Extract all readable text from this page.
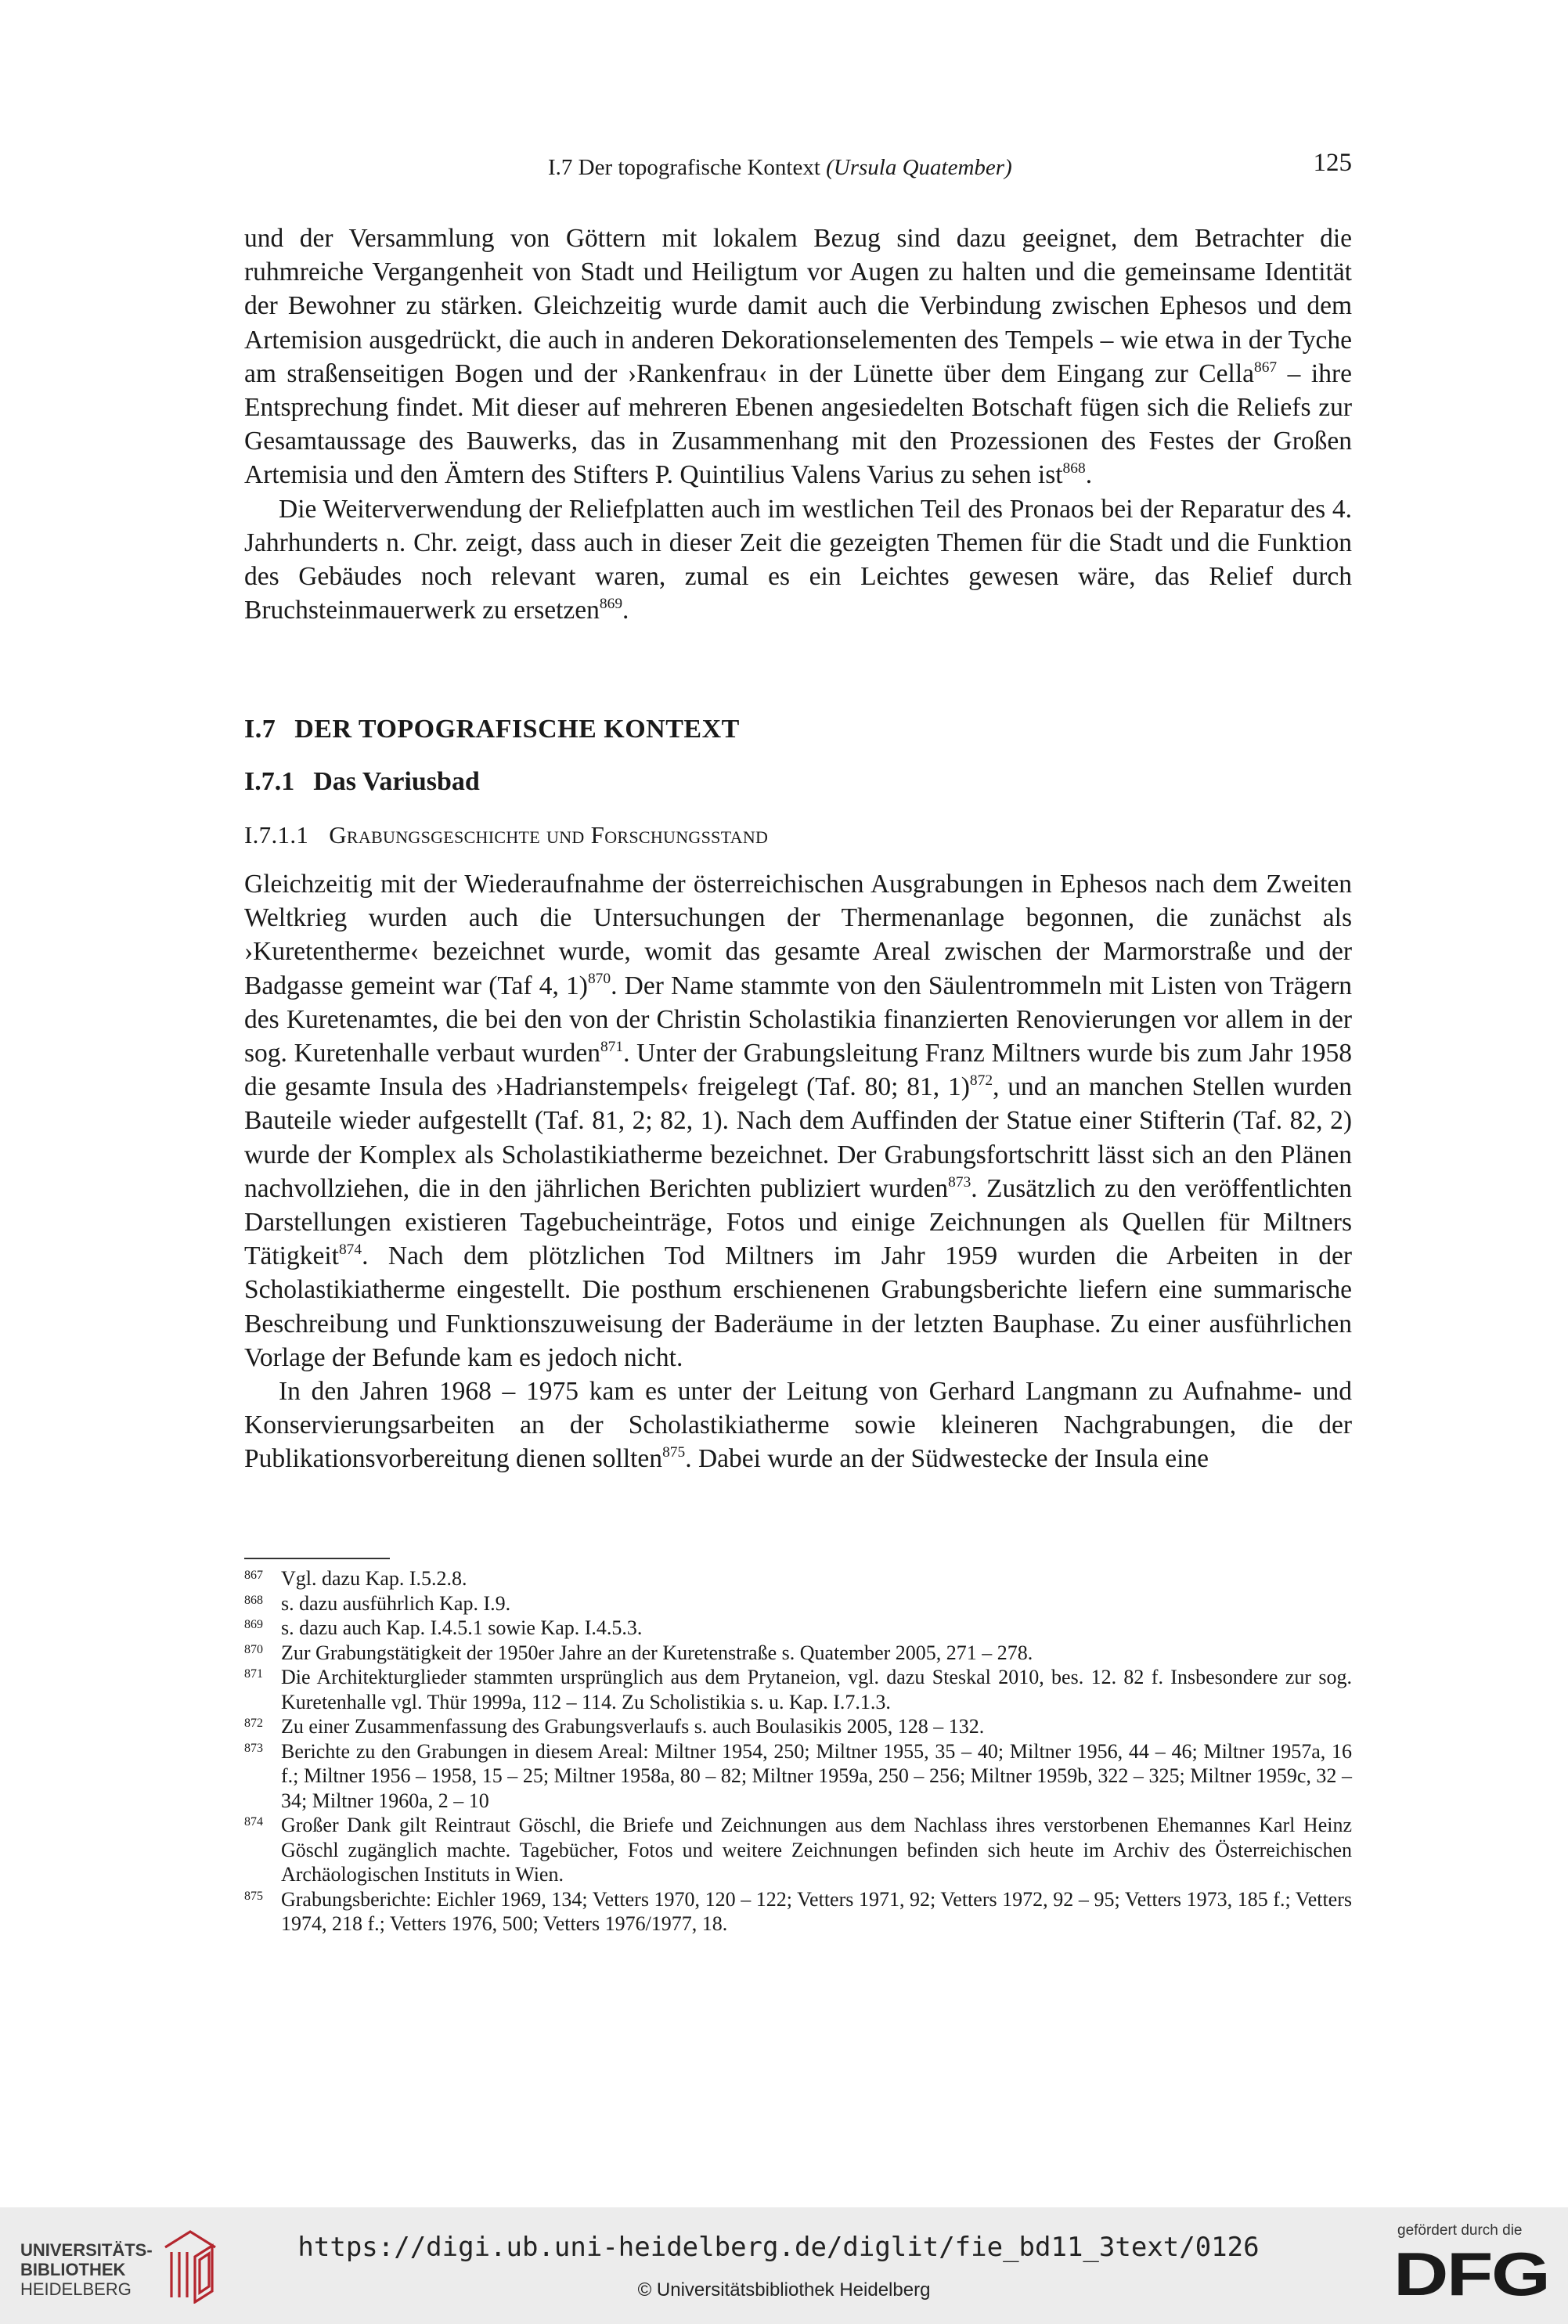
I.7 Der topografische Kontext (Ursula Quatember)	125

und der Versammlung von Göttern mit lokalem Bezug sind dazu geeignet, dem Betrachter die ruhmreiche Vergangenheit von Stadt und Heiligtum vor Augen zu halten und die gemeinsame Identität der Bewohner zu stärken. Gleichzeitig wurde damit auch die Verbindung zwischen Ephesos und dem Artemision ausgedrückt, die auch in anderen Dekorationselementen des Tempels – wie etwa in der Tyche am straßenseitigen Bogen und der ›Rankenfrau‹ in der Lünette über dem Eingang zur Cella$^{867}$ – ihre Entsprechung findet. Mit dieser auf mehreren Ebenen angesiedelten Botschaft fügen sich die Reliefs zur Gesamtaussage des Bauwerks, das in Zusammenhang mit den Prozessionen des Festes der Großen Artemisia und den Ämtern des Stifters P. Quintilius Valens Varius zu sehen ist$^{868}$.

Die Weiterverwendung der Reliefplatten auch im westlichen Teil des Pronaos bei der Reparatur des 4. Jahrhunderts n. Chr. zeigt, dass auch in dieser Zeit die gezeigten Themen für die Stadt und die Funktion des Gebäudes noch relevant waren, zumal es ein Leichtes gewesen wäre, das Relief durch Bruchsteinmauerwerk zu ersetzen$^{869}$.

I.7 DER TOPOGRAFISCHE KONTEXT
I.7.1 Das Variusbad
I.7.1.1 Grabungsgeschichte und Forschungsstand

Gleichzeitig mit der Wiederaufnahme der österreichischen Ausgrabungen in Ephesos nach dem Zweiten Weltkrieg wurden auch die Untersuchungen der Thermenanlage begonnen, die zunächst als ›Kuretentherme‹ bezeichnet wurde, womit das gesamte Areal zwischen der Marmorstraße und der Badgasse gemeint war (Taf 4, 1)$^{870}$. Der Name stammte von den Säulentrommeln mit Listen von Trägern des Kuretenamtes, die bei den von der Christin Scholastikia finanzierten Renovierungen vor allem in der sog. Kuretenhalle verbaut wurden$^{871}$. Unter der Grabungsleitung Franz Miltners wurde bis zum Jahr 1958 die gesamte Insula des ›Hadrianstempels‹ freigelegt (Taf. 80; 81, 1)$^{872}$, und an manchen Stellen wurden Bauteile wieder aufgestellt (Taf. 81, 2; 82, 1). Nach dem Auffinden der Statue einer Stifterin (Taf. 82, 2) wurde der Komplex als Scholastikiatherme bezeichnet. Der Grabungsfortschritt lässt sich an den Plänen nachvollziehen, die in den jährlichen Berichten publiziert wurden$^{873}$. Zusätzlich zu den veröffentlichten Darstellungen existieren Tagebucheinträge, Fotos und einige Zeichnungen als Quellen für Miltners Tätigkeit$^{874}$. Nach dem plötzlichen Tod Miltners im Jahr 1959 wurden die Arbeiten in der Scholastikiatherme eingestellt. Die posthum erschienenen Grabungsberichte liefern eine summarische Beschreibung und Funktionszuweisung der Baderäume in der letzten Bauphase. Zu einer ausführlichen Vorlage der Befunde kam es jedoch nicht.

In den Jahren 1968 – 1975 kam es unter der Leitung von Gerhard Langmann zu Aufnahme- und Konservierungsarbeiten an der Scholastikiatherme sowie kleineren Nachgrabungen, die der Publikationsvorbereitung dienen sollten$^{875}$. Dabei wurde an der Südwestecke der Insula eine

867 Vgl. dazu Kap. I.5.2.8.
868 s. dazu ausführlich Kap. I.9.
869 s. dazu auch Kap. I.4.5.1 sowie Kap. I.4.5.3.
870 Zur Grabungstätigkeit der 1950er Jahre an der Kuretenstraße s. Quatember 2005, 271 – 278.
871 Die Architekturglieder stammten ursprünglich aus dem Prytaneion, vgl. dazu Steskal 2010, bes. 12. 82 f. Insbesondere zur sog. Kuretenhalle vgl. Thür 1999a, 112 – 114. Zu Scholistikia s. u. Kap. I.7.1.3.
872 Zu einer Zusammenfassung des Grabungsverlaufs s. auch Boulasikis 2005, 128 – 132.
873 Berichte zu den Grabungen in diesem Areal: Miltner 1954, 250; Miltner 1955, 35 – 40; Miltner 1956, 44 – 46; Miltner 1957a, 16 f.; Miltner 1956 – 1958, 15 – 25; Miltner 1958a, 80 – 82; Miltner 1959a, 250 – 256; Miltner 1959b, 322 – 325; Miltner 1959c, 32 – 34; Miltner 1960a, 2 – 10
874 Großer Dank gilt Reintraut Göschl, die Briefe und Zeichnungen aus dem Nachlass ihres verstorbenen Ehemannes Karl Heinz Göschl zugänglich machte. Tagebücher, Fotos und weitere Zeichnungen befinden sich heute im Archiv des Österreichischen Archäologischen Instituts in Wien.
875 Grabungsberichte: Eichler 1969, 134; Vetters 1970, 120 – 122; Vetters 1971, 92; Vetters 1972, 92 – 95; Vetters 1973, 185 f.; Vetters 1974, 218 f.; Vetters 1976, 500; Vetters 1976/1977, 18.
UNIVERSITÄTS-
BIBLIOTHEK
HEIDELBERG
https://digi.ub.uni-heidelberg.de/diglit/fie_bd11_3text/0126
© Universitätsbibliothek Heidelberg
gefördert durch die
DFG
